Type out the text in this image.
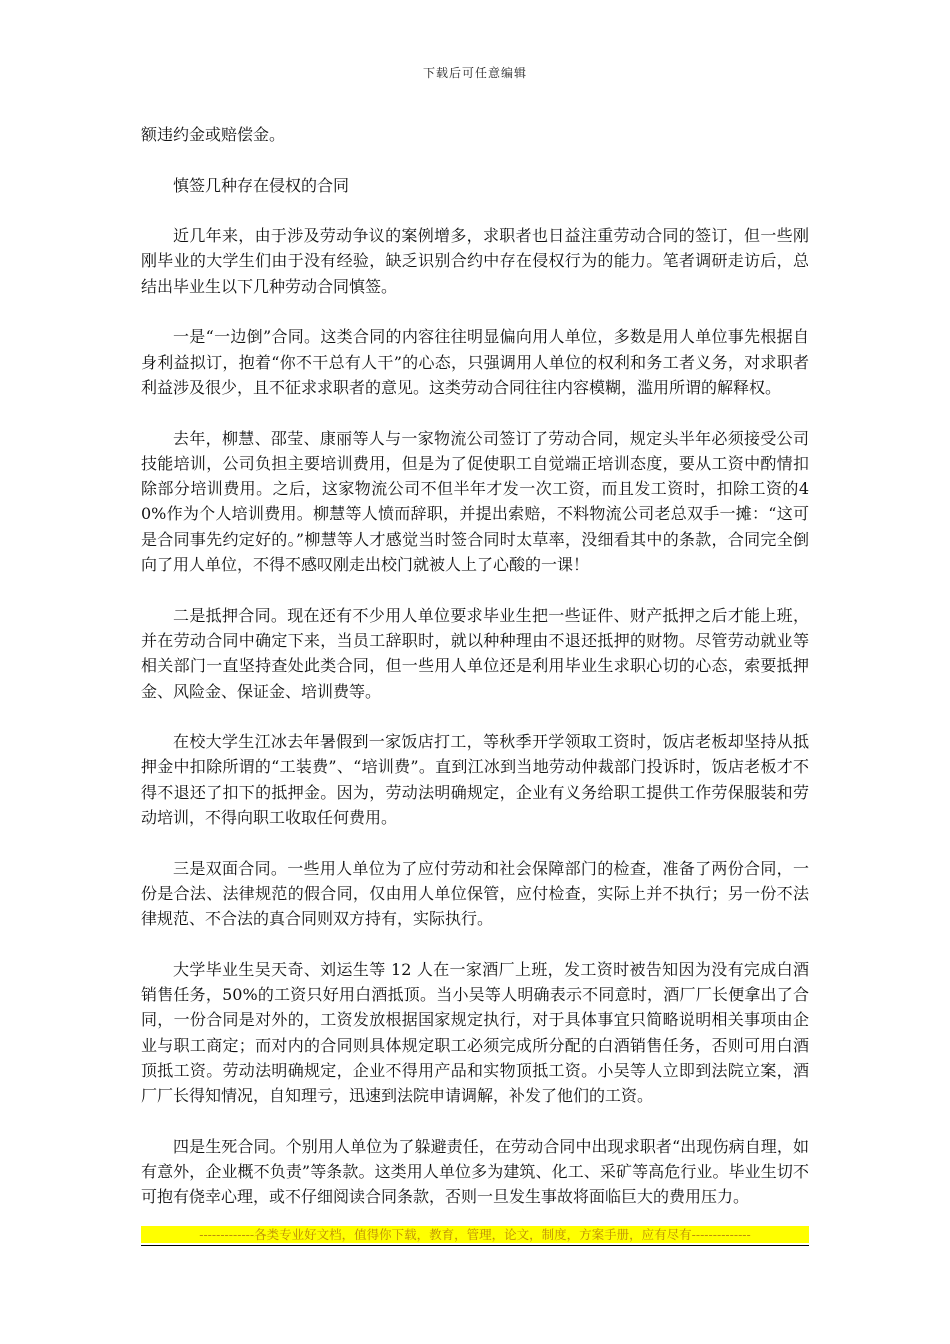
下载后可任意编辑

额违约金或赔偿金。

慎签几种存在侵权的合同

近几年来，由于涉及劳动争议的案例增多，求职者也日益注重劳动合同的签订，但一些刚刚毕业的大学生们由于没有经验，缺乏识别合约中存在侵权行为的能力。笔者调研走访后，总结出毕业生以下几种劳动合同慎签。

一是“一边倒”合同。这类合同的内容往往明显偏向用人单位，多数是用人单位事先根据自身利益拟订，抱着“你不干总有人干”的心态，只强调用人单位的权利和务工者义务，对求职者利益涉及很少，且不征求求职者的意见。这类劳动合同往往内容模糊，滥用所谓的解释权。

去年，柳慧、邵莹、康丽等人与一家物流公司签订了劳动合同，规定头半年必须接受公司技能培训，公司负担主要培训费用，但是为了促使职工自觉端正培训态度，要从工资中酌情扣除部分培训费用。之后，这家物流公司不但半年才发一次工资，而且发工资时，扣除工资的40%作为个人培训费用。柳慧等人愤而辞职，并提出索赔，不料物流公司老总双手一摊：“这可是合同事先约定好的。”柳慧等人才感觉当时签合同时太草率，没细看其中的条款，合同完全倒向了用人单位，不得不感叹刚走出校门就被人上了心酸的一课！

二是抵押合同。现在还有不少用人单位要求毕业生把一些证件、财产抵押之后才能上班，并在劳动合同中确定下来，当员工辞职时，就以种种理由不退还抵押的财物。尽管劳动就业等相关部门一直坚持查处此类合同，但一些用人单位还是利用毕业生求职心切的心态，索要抵押金、风险金、保证金、培训费等。

在校大学生江冰去年暑假到一家饭店打工，等秋季开学领取工资时，饭店老板却坚持从抵押金中扣除所谓的“工装费”、“培训费”。直到江冰到当地劳动仲裁部门投诉时，饭店老板才不得不退还了扣下的抵押金。因为，劳动法明确规定，企业有义务给职工提供工作劳保服装和劳动培训，不得向职工收取任何费用。

三是双面合同。一些用人单位为了应付劳动和社会保障部门的检查，准备了两份合同，一份是合法、法律规范的假合同，仅由用人单位保管，应付检查，实际上并不执行；另一份不法律规范、不合法的真合同则双方持有，实际执行。

大学毕业生吴天奇、刘运生等 12 人在一家酒厂上班，发工资时被告知因为没有完成白酒销售任务，50%的工资只好用白酒抵顶。当小吴等人明确表示不同意时，酒厂厂长便拿出了合同，一份合同是对外的，工资发放根据国家规定执行，对于具体事宜只简略说明相关事项由企业与职工商定；而对内的合同则具体规定职工必须完成所分配的白酒销售任务，否则可用白酒顶抵工资。劳动法明确规定，企业不得用产品和实物顶抵工资。小吴等人立即到法院立案，酒厂厂长得知情况，自知理亏，迅速到法院申请调解，补发了他们的工资。

四是生死合同。个别用人单位为了躲避责任，在劳动合同中出现求职者“出现伤病自理，如有意外，企业概不负责”等条款。这类用人单位多为建筑、化工、采矿等高危行业。毕业生切不可抱有侥幸心理，或不仔细阅读合同条款，否则一旦发生事故将面临巨大的费用压力。

-------------各类专业好文档，值得你下载，教育，管理，论文，制度，方案手册，应有尽有--------------
